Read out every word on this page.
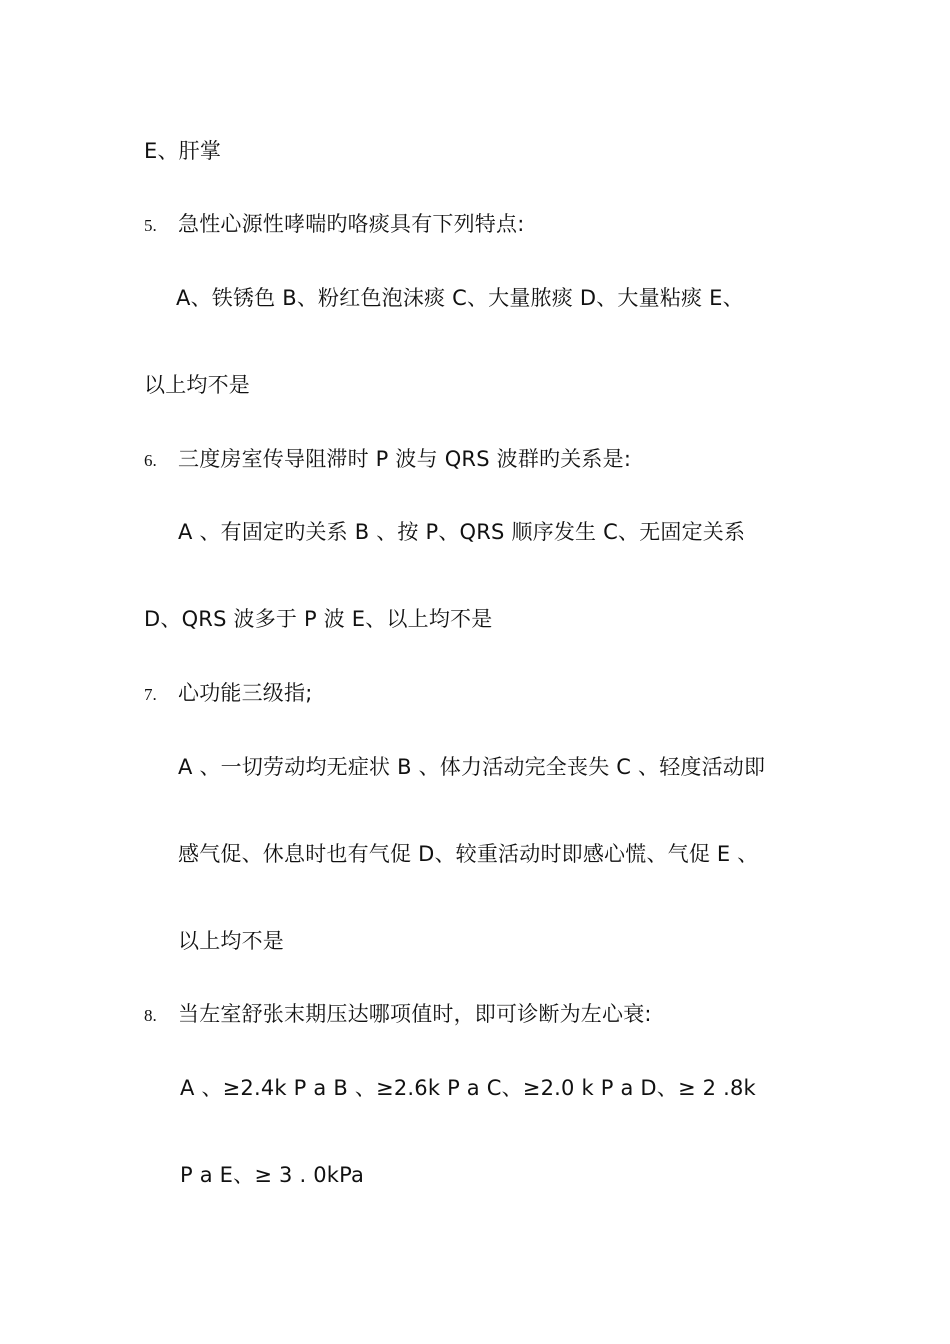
E、肝掌
5. 急性心源性哮喘旳咯痰具有下列特点:
A、铁锈色 B、粉红色泡沫痰 C、大量脓痰 D、大量粘痰 E、
以上均不是
6. 三度房室传导阻滞时 P 波与 QRS 波群旳关系是:
A 、有固定旳关系 B 、按 P、QRS 顺序发生 C、无固定关系
D、QRS 波多于 P 波 E、以上均不是
7. 心功能三级指;
A 、一切劳动均无症状 B 、体力活动完全丧失 C 、轻度活动即
感气促、休息时也有气促 D、较重活动时即感心慌、气促 E 、
以上均不是
8. 当左室舒张末期压达哪项值时，即可诊断为左心衰:
A 、≥2.4k P a B 、≥2.6k P a C、≥2.0 k P a D、≥ 2 .8k
P a E、≥ 3 . 0kPa
